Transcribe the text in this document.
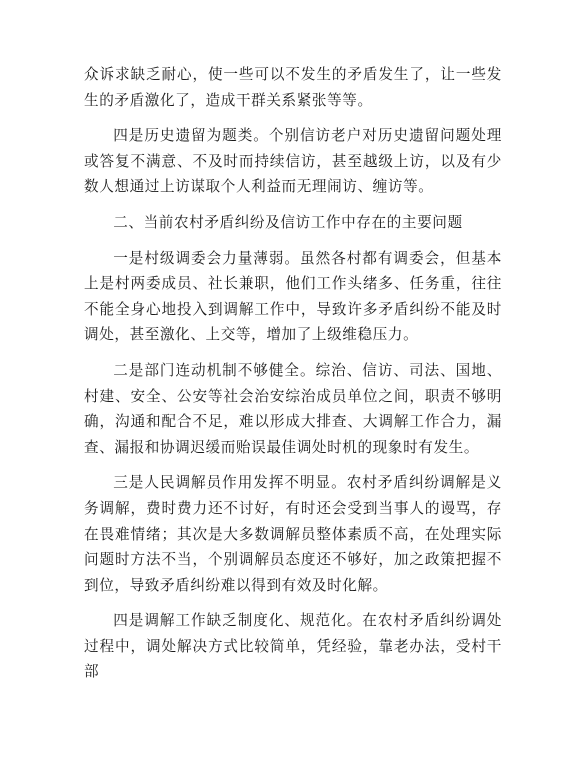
众诉求缺乏耐心，使一些可以不发生的矛盾发生了，让一些发生的矛盾激化了，造成干群关系紧张等等。

四是历史遗留为题类。个别信访老户对历史遗留问题处理或答复不满意、不及时而持续信访，甚至越级上访，以及有少数人想通过上访谋取个人利益而无理闹访、缠访等。

二、当前农村矛盾纠纷及信访工作中存在的主要问题

一是村级调委会力量薄弱。虽然各村都有调委会，但基本上是村两委成员、社长兼职，他们工作头绪多、任务重，往往不能全身心地投入到调解工作中，导致许多矛盾纠纷不能及时调处，甚至激化、上交等，增加了上级维稳压力。

二是部门连动机制不够健全。综治、信访、司法、国地、村建、安全、公安等社会治安综治成员单位之间，职责不够明确，沟通和配合不足，难以形成大排查、大调解工作合力，漏查、漏报和协调迟缓而贻误最佳调处时机的现象时有发生。

三是人民调解员作用发挥不明显。农村矛盾纠纷调解是义务调解，费时费力还不讨好，有时还会受到当事人的谩骂，存在畏难情绪；其次是大多数调解员整体素质不高，在处理实际问题时方法不当，个别调解员态度还不够好，加之政策把握不到位，导致矛盾纠纷难以得到有效及时化解。

四是调解工作缺乏制度化、规范化。在农村矛盾纠纷调处过程中，调处解决方式比较简单，凭经验，靠老办法，受村干部
